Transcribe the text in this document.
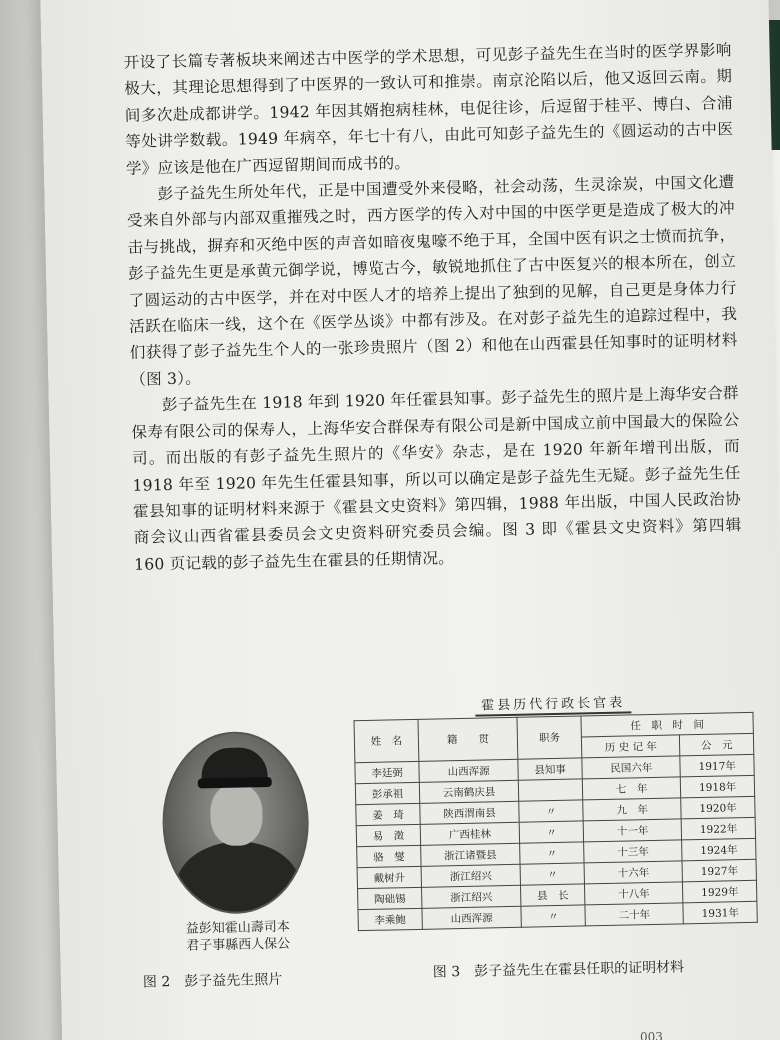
开设了长篇专著板块来阐述古中医学的学术思想，可见彭子益先生在当时的医学界影响极大，其理论思想得到了中医界的一致认可和推崇。南京沦陷以后，他又返回云南。期间多次赴成都讲学。1942 年因其婿抱病桂林，电促往诊，后逗留于桂平、博白、合浦等处讲学数载。1949 年病卒，年七十有八，由此可知彭子益先生的《圆运动的古中医学》应该是他在广西逗留期间而成书的。

彭子益先生所处年代，正是中国遭受外来侵略，社会动荡，生灵涂炭，中国文化遭受来自外部与内部双重摧残之时，西方医学的传入对中国的中医学更是造成了极大的冲击与挑战，摒弃和灭绝中医的声音如暗夜鬼嚎不绝于耳，全国中医有识之士愤而抗争，彭子益先生更是承黄元御学说，博览古今，敏锐地抓住了古中医复兴的根本所在，创立了圆运动的古中医学，并在对中医人才的培养上提出了独到的见解，自己更是身体力行活跃在临床一线，这个在《医学丛谈》中都有涉及。在对彭子益先生的追踪过程中，我们获得了彭子益先生个人的一张珍贵照片（图 2）和他在山西霍县任知事时的证明材料（图 3）。

彭子益先生在 1918 年到 1920 年任霍县知事。彭子益先生的照片是上海华安合群保寿有限公司的保寿人，上海华安合群保寿有限公司是新中国成立前中国最大的保险公司。而出版的有彭子益先生照片的《华安》杂志，是在 1920 年新年增刊出版，而 1918 年至 1920 年先生任霍县知事，所以可以确定是彭子益先生无疑。彭子益先生任霍县知事的证明材料来源于《霍县文史资料》第四辑，1988 年出版，中国人民政治协商会议山西省霍县委员会文史资料研究委员会编。图 3 即《霍县文史资料》第四辑 160 页记载的彭子益先生在霍县的任期情况。

益彭知霍山壽司本
君子事縣西人保公
霍县历代行政长官表
姓　名	籍　　贯	职务	任　职　时　间	
			历 史 记 年	公　元
李廷弼	山西浑源	县知事	民国六年	1917年
彭承祖	云南鹤庆县		七　年	1918年
姜　琦	陕西渭南县	〃	九　年	1920年
易　澂	广西桂林	〃	十一年	1922年
骆　燮	浙江诸暨县	〃	十三年	1924年
戴树升	浙江绍兴	〃	十六年	1927年
陶础锡	浙江绍兴	县　长	十八年	1929年
李乘鲍	山西浑源	〃	二十年	1931年
图 2　彭子益先生照片
图 3　彭子益先生在霍县任职的证明材料
003
